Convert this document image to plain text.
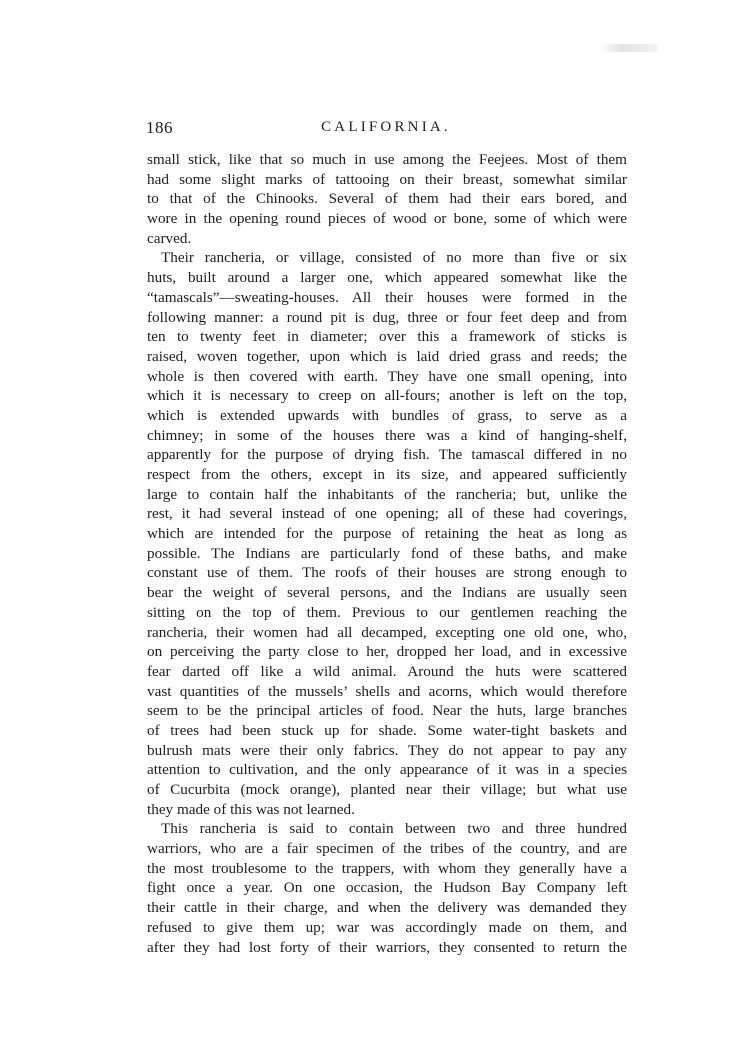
186	CALIFORNIA.
small stick, like that so much in use among the Feejees. Most of them
had some slight marks of tattooing on their breast, somewhat similar
to that of the Chinooks. Several of them had their ears bored, and
wore in the opening round pieces of wood or bone, some of which were
carved.
Their rancheria, or village, consisted of no more than five or six
huts, built around a larger one, which appeared somewhat like the
“tamascals”—sweating-houses. All their houses were formed in the
following manner: a round pit is dug, three or four feet deep and from
ten to twenty feet in diameter; over this a framework of sticks is
raised, woven together, upon which is laid dried grass and reeds; the
whole is then covered with earth. They have one small opening, into
which it is necessary to creep on all-fours; another is left on the top,
which is extended upwards with bundles of grass, to serve as a
chimney; in some of the houses there was a kind of hanging-shelf,
apparently for the purpose of drying fish. The tamascal differed in no
respect from the others, except in its size, and appeared sufficiently
large to contain half the inhabitants of the rancheria; but, unlike the
rest, it had several instead of one opening; all of these had coverings,
which are intended for the purpose of retaining the heat as long as
possible. The Indians are particularly fond of these baths, and make
constant use of them. The roofs of their houses are strong enough to
bear the weight of several persons, and the Indians are usually seen
sitting on the top of them. Previous to our gentlemen reaching the
rancheria, their women had all decamped, excepting one old one, who,
on perceiving the party close to her, dropped her load, and in excessive
fear darted off like a wild animal. Around the huts were scattered
vast quantities of the mussels’ shells and acorns, which would therefore
seem to be the principal articles of food. Near the huts, large branches
of trees had been stuck up for shade. Some water-tight baskets and
bulrush mats were their only fabrics. They do not appear to pay any
attention to cultivation, and the only appearance of it was in a species
of Cucurbita (mock orange), planted near their village; but what use
they made of this was not learned.
This rancheria is said to contain between two and three hundred
warriors, who are a fair specimen of the tribes of the country, and are
the most troublesome to the trappers, with whom they generally have a
fight once a year. On one occasion, the Hudson Bay Company left
their cattle in their charge, and when the delivery was demanded they
refused to give them up; war was accordingly made on them, and
after they had lost forty of their warriors, they consented to return the
